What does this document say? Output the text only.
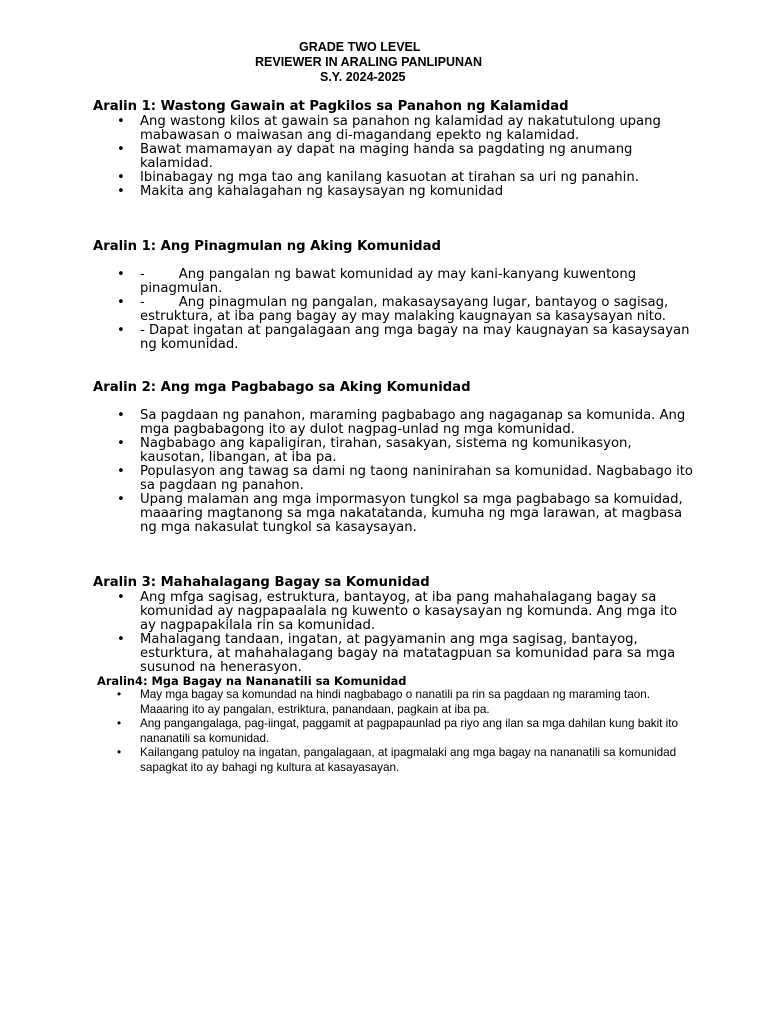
GRADE TWO LEVEL
REVIEWER IN ARALING PANLIPUNAN
S.Y. 2024-2025

Aralin 1: Wastong Gawain at Pagkilos sa Panahon ng Kalamidad

• Ang wastong kilos at gawain sa panahon ng kalamidad ay nakatutulong upang mabawasan o maiwasan ang di-magandang epekto ng kalamidad.
• Bawat mamamayan ay dapat na maging handa sa pagdating ng anumang kalamidad.
• Ibinabagay ng mga tao ang kanilang kasuotan at tirahan sa uri ng panahin.
• Makita ang kahalagahan ng kasaysayan ng komunidad

Aralin 1: Ang Pinagmulan ng Aking Komunidad

• -	Ang pangalan ng bawat komunidad ay may kani-kanyang kuwentong pinagmulan.
• -	Ang pinagmulan ng pangalan, makasaysayang lugar, bantayog o sagisag, estruktura, at iba pang bagay ay may malaking kaugnayan sa kasaysayan nito.
• - Dapat ingatan at pangalagaan ang mga bagay na may kaugnayan sa kasaysayan ng komunidad.

Aralin 2: Ang mga Pagbabago sa Aking Komunidad

• Sa pagdaan ng panahon, maraming pagbabago ang nagaganap sa komunida. Ang mga pagbabagong ito ay dulot nagpag-unlad ng mga komunidad.
• Nagbabago ang kapaligiran, tirahan, sasakyan, sistema ng komunikasyon, kausotan, libangan, at iba pa.
• Populasyon ang tawag sa dami ng taong naninirahan sa komunidad. Nagbabago ito sa pagdaan ng panahon.
• Upang malaman ang mga impormasyon tungkol sa mga pagbabago sa komuidad, maaaring magtanong sa mga nakatatanda, kumuha ng mga larawan, at magbasa ng mga nakasulat tungkol sa kasaysayan.

Aralin 3: Mahahalagang Bagay sa Komunidad

• Ang mfga sagisag, estruktura, bantayog, at iba pang mahahalagang bagay sa komunidad ay nagpapaalala ng kuwento o kasaysayan ng komunda. Ang mga ito ay nagpapakilala rin sa komunidad.
• Mahalagang tandaan, ingatan, at pagyamanin ang mga sagisag, bantayog, esturktura, at mahahalagang bagay na matatagpuan sa komunidad para sa mga susunod na henerasyon.

Aralin4: Mga Bagay na Nananatili sa Komunidad

• May mga bagay sa komundad na hindi nagbabago o nanatili pa rin sa pagdaan ng maraming taon. Maaaring ito ay pangalan, estriktura, panandaan, pagkain at iba pa.
• Ang pangangalaga, pag-iingat, paggamit at pagpapaunlad pa riyo ang ilan sa mga dahilan kung bakit ito nananatili sa komunidad.
• Kailangang patuloy na ingatan, pangalagaan, at ipagmalaki ang mga bagay na nananatili sa komunidad sapagkat ito ay bahagi ng kultura at kasayasayan.
